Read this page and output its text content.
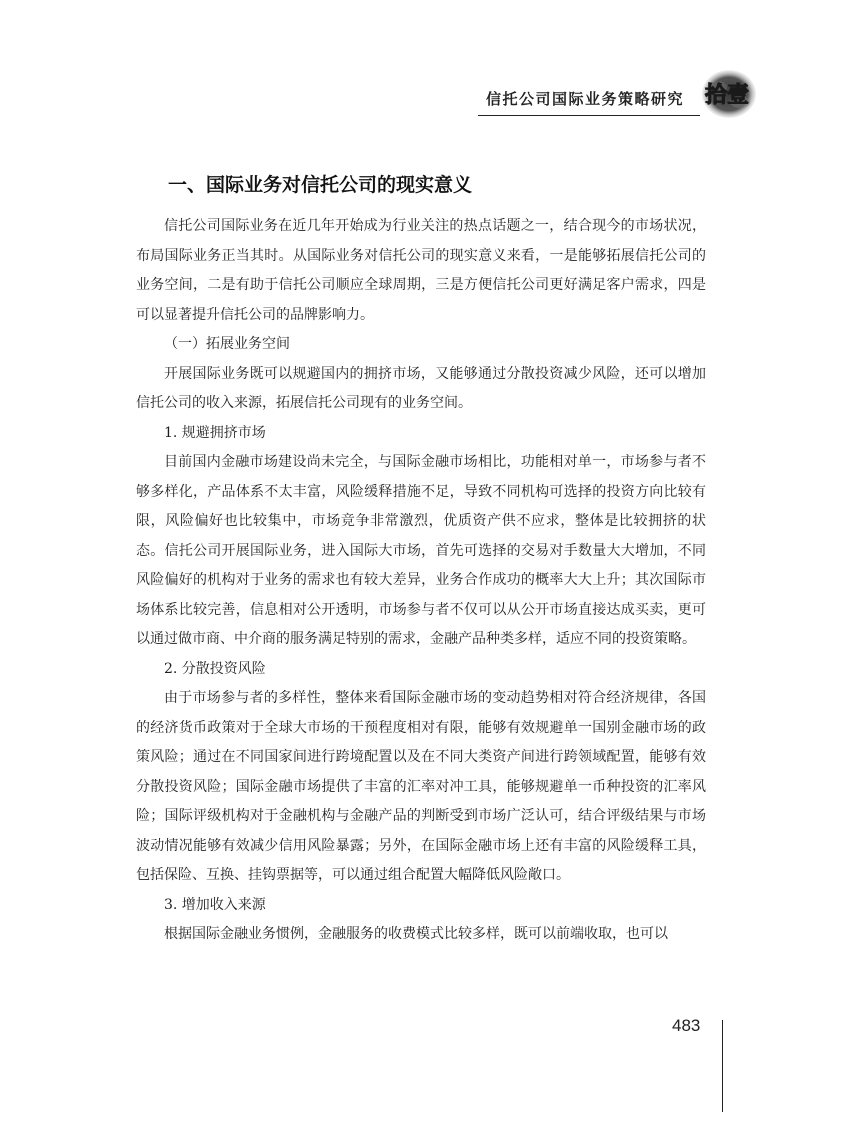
信托公司国际业务策略研究 拾壹
一、国际业务对信托公司的现实意义

信托公司国际业务在近几年开始成为行业关注的热点话题之一，结合现今的市场状况，布局国际业务正当其时。从国际业务对信托公司的现实意义来看，一是能够拓展信托公司的业务空间，二是有助于信托公司顺应全球周期，三是方便信托公司更好满足客户需求，四是可以显著提升信托公司的品牌影响力。

（一）拓展业务空间

开展国际业务既可以规避国内的拥挤市场，又能够通过分散投资减少风险，还可以增加信托公司的收入来源，拓展信托公司现有的业务空间。

1. 规避拥挤市场

目前国内金融市场建设尚未完全，与国际金融市场相比，功能相对单一，市场参与者不够多样化，产品体系不太丰富，风险缓释措施不足，导致不同机构可选择的投资方向比较有限，风险偏好也比较集中，市场竞争非常激烈，优质资产供不应求，整体是比较拥挤的状态。信托公司开展国际业务，进入国际大市场，首先可选择的交易对手数量大大增加，不同风险偏好的机构对于业务的需求也有较大差异，业务合作成功的概率大大上升；其次国际市场体系比较完善，信息相对公开透明，市场参与者不仅可以从公开市场直接达成买卖，更可以通过做市商、中介商的服务满足特别的需求，金融产品种类多样，适应不同的投资策略。

2. 分散投资风险

由于市场参与者的多样性，整体来看国际金融市场的变动趋势相对符合经济规律，各国的经济货币政策对于全球大市场的干预程度相对有限，能够有效规避单一国别金融市场的政策风险；通过在不同国家间进行跨境配置以及在不同大类资产间进行跨领域配置，能够有效分散投资风险；国际金融市场提供了丰富的汇率对冲工具，能够规避单一币种投资的汇率风险；国际评级机构对于金融机构与金融产品的判断受到市场广泛认可，结合评级结果与市场波动情况能够有效减少信用风险暴露；另外，在国际金融市场上还有丰富的风险缓释工具，包括保险、互换、挂钩票据等，可以通过组合配置大幅降低风险敞口。

3. 增加收入来源

根据国际金融业务惯例，金融服务的收费模式比较多样，既可以前端收取，也可以

483
